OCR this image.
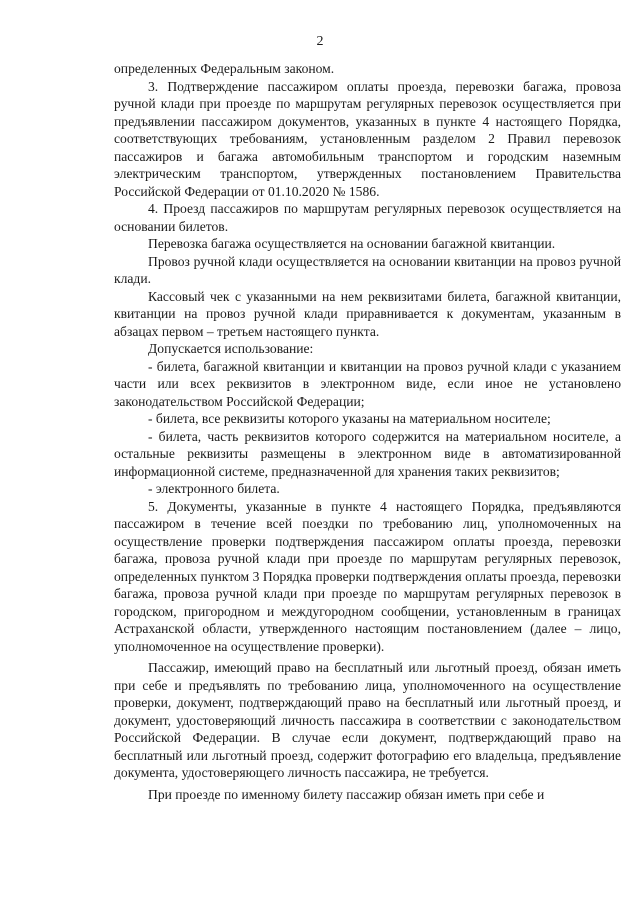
2

определенных Федеральным законом.

3. Подтверждение пассажиром оплаты проезда, перевозки багажа, провоза ручной клади при проезде по маршрутам регулярных перевозок осуществляется при предъявлении пассажиром документов, указанных в пункте 4 настоящего Порядка, соответствующих требованиям, установленным разделом 2 Правил перевозок пассажиров и багажа автомобильным транспортом и городским наземным электрическим транспортом, утвержденных постановлением Правительства Российской Федерации от 01.10.2020 № 1586.

4. Проезд пассажиров по маршрутам регулярных перевозок осуществляется на основании билетов.

Перевозка багажа осуществляется на основании багажной квитанции.

Провоз ручной клади осуществляется на основании квитанции на провоз ручной клади.

Кассовый чек с указанными на нем реквизитами билета, багажной квитанции, квитанции на провоз ручной клади приравнивается к документам, указанным в абзацах первом – третьем настоящего пункта.

Допускается использование:

- билета, багажной квитанции и квитанции на провоз ручной клади с указанием части или всех реквизитов в электронном виде, если иное не установлено законодательством Российской Федерации;

- билета, все реквизиты которого указаны на материальном носителе;

- билета, часть реквизитов которого содержится на материальном носителе, а остальные реквизиты размещены в электронном виде в автоматизированной информационной системе, предназначенной для хранения таких реквизитов;

- электронного билета.

5. Документы, указанные в пункте 4 настоящего Порядка, предъявляются пассажиром в течение всей поездки по требованию лиц, уполномоченных на осуществление проверки подтверждения пассажиром оплаты проезда, перевозки багажа, провоза ручной клади при проезде по маршрутам регулярных перевозок, определенных пунктом 3 Порядка проверки подтверждения оплаты проезда, перевозки багажа, провоза ручной клади при проезде по маршрутам регулярных перевозок в городском, пригородном и междугородном сообщении, установленным в границах Астраханской области, утвержденного настоящим постановлением (далее – лицо, уполномоченное на осуществление проверки).

Пассажир, имеющий право на бесплатный или льготный проезд, обязан иметь при себе и предъявлять по требованию лица, уполномоченного на осуществление проверки, документ, подтверждающий право на бесплатный или льготный проезд, и документ, удостоверяющий личность пассажира в соответствии с законодательством Российской Федерации. В случае если документ, подтверждающий право на бесплатный или льготный проезд, содержит фотографию его владельца, предъявление документа, удостоверяющего личность пассажира, не требуется.

При проезде по именному билету пассажир обязан иметь при себе и
